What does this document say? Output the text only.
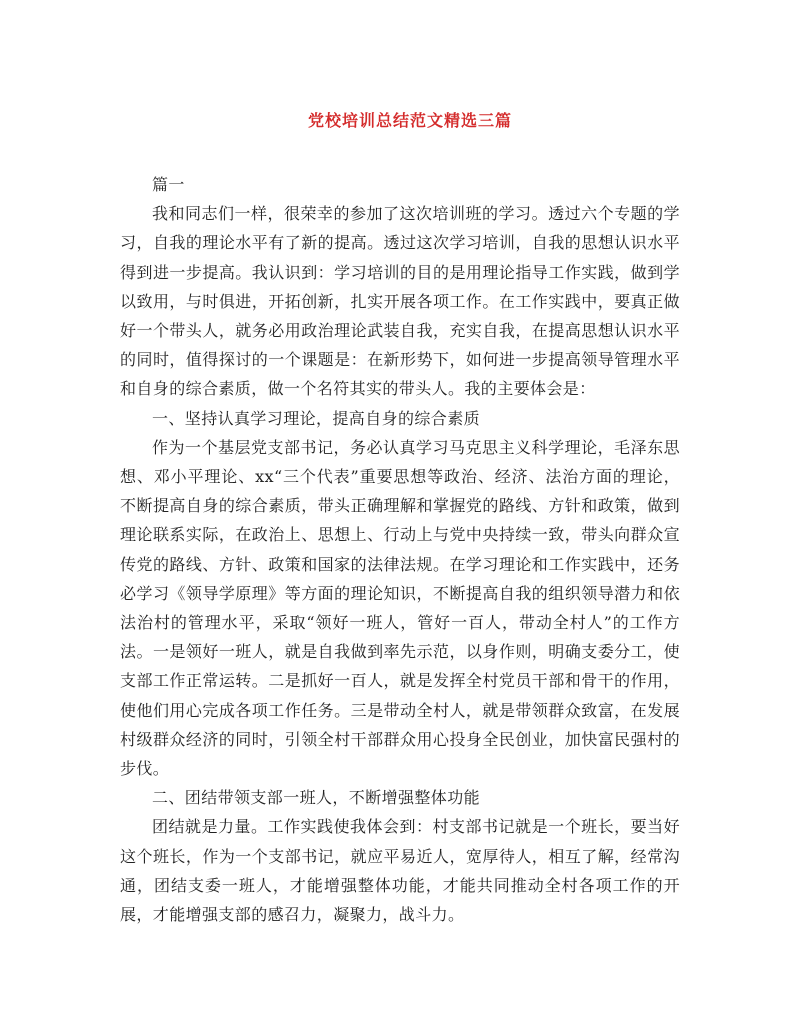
党校培训总结范文精选三篇

篇一

我和同志们一样，很荣幸的参加了这次培训班的学习。透过六个专题的学习，自我的理论水平有了新的提高。透过这次学习培训，自我的思想认识水平得到进一步提高。我认识到：学习培训的目的是用理论指导工作实践，做到学以致用，与时俱进，开拓创新，扎实开展各项工作。在工作实践中，要真正做好一个带头人，就务必用政治理论武装自我，充实自我，在提高思想认识水平的同时，值得探讨的一个课题是：在新形势下，如何进一步提高领导管理水平和自身的综合素质，做一个名符其实的带头人。我的主要体会是：

一、坚持认真学习理论，提高自身的综合素质

作为一个基层党支部书记，务必认真学习马克思主义科学理论，毛泽东思想、邓小平理论、xx“三个代表”重要思想等政治、经济、法治方面的理论，不断提高自身的综合素质，带头正确理解和掌握党的路线、方针和政策，做到理论联系实际，在政治上、思想上、行动上与党中央持续一致，带头向群众宣传党的路线、方针、政策和国家的法律法规。在学习理论和工作实践中，还务必学习《领导学原理》等方面的理论知识，不断提高自我的组织领导潜力和依法治村的管理水平，采取“领好一班人，管好一百人，带动全村人”的工作方法。一是领好一班人，就是自我做到率先示范，以身作则，明确支委分工，使支部工作正常运转。二是抓好一百人，就是发挥全村党员干部和骨干的作用，使他们用心完成各项工作任务。三是带动全村人，就是带领群众致富，在发展村级群众经济的同时，引领全村干部群众用心投身全民创业，加快富民强村的步伐。

二、团结带领支部一班人，不断增强整体功能

团结就是力量。工作实践使我体会到：村支部书记就是一个班长，要当好这个班长，作为一个支部书记，就应平易近人，宽厚待人，相互了解，经常沟通，团结支委一班人，才能增强整体功能，才能共同推动全村各项工作的开展，才能增强支部的感召力，凝聚力，战斗力。
